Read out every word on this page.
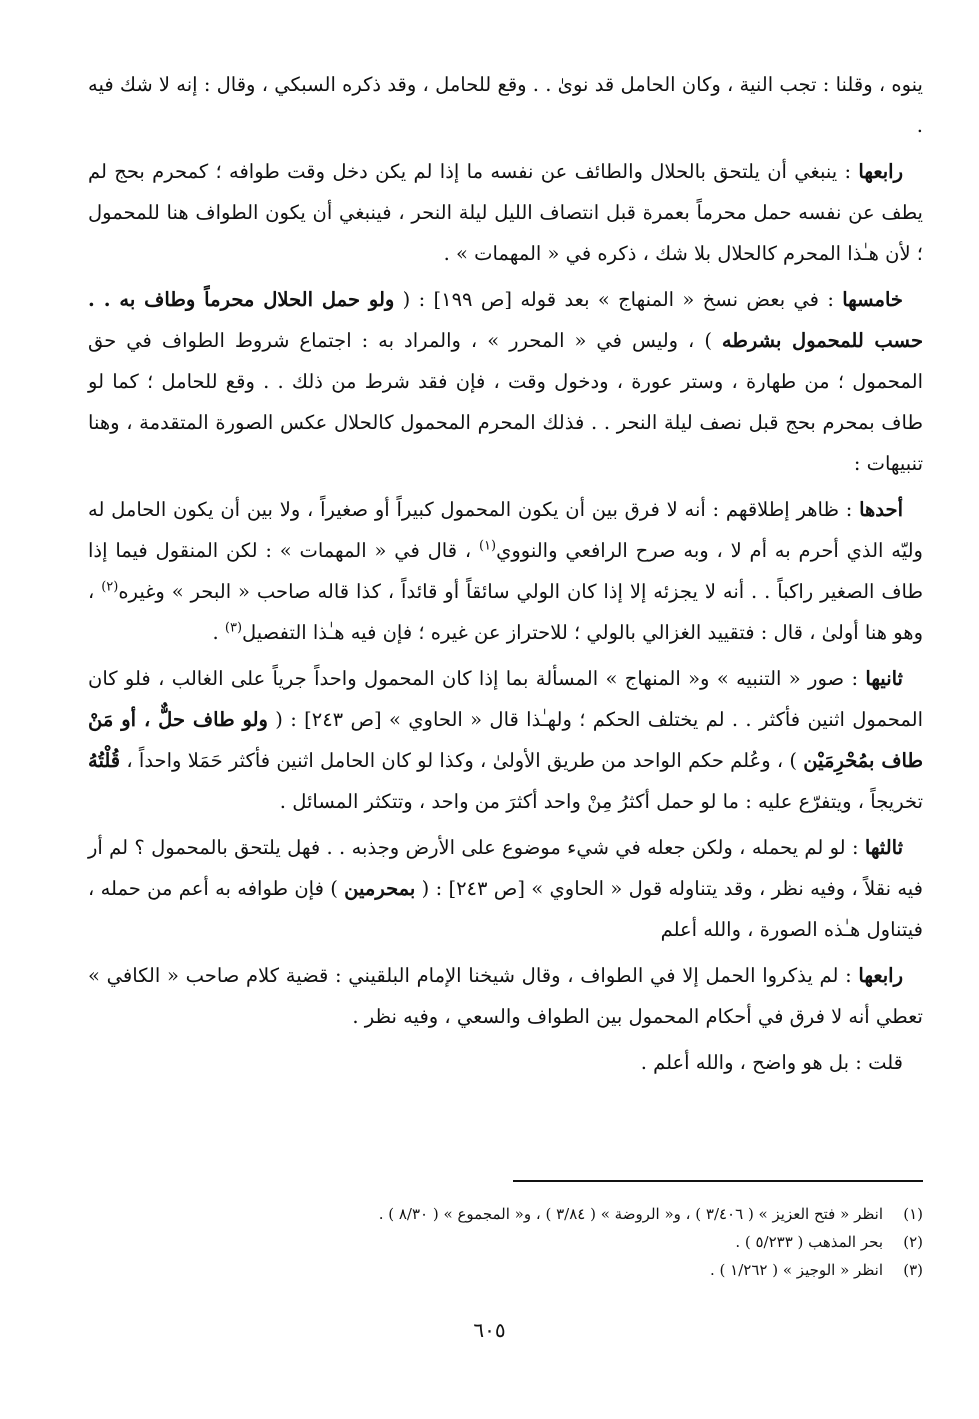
ينوه ، وقلنا : تجب النية ، وكان الحامل قد نوىٰ . . وقع للحامل ، وقد ذكره السبكي ، وقال : إنه لا شك فيه .

رابعها : ينبغي أن يلتحق بالحلال والطائف عن نفسه ما إذا لم يكن دخل وقت طوافه ؛ كمحرم بحج لم يطف عن نفسه حمل محرماً بعمرة قبل انتصاف الليل ليلة النحر ، فينبغي أن يكون الطواف هنا للمحمول ؛ لأن هـٰذا المحرم كالحلال بلا شك ، ذكره في « المهمات » .

خامسها : في بعض نسخ « المنهاج » بعد قوله [ص ١٩٩] : ( ولو حمل الحلال محرماً وطاف به . . حسب للمحمول بشرطه ) ، وليس في « المحرر » ، والمراد به : اجتماع شروط الطواف في حق المحمول ؛ من طهارة ، وستر عورة ، ودخول وقت ، فإن فقد شرط من ذلك . . وقع للحامل ؛ كما لو طاف بمحرم بحج قبل نصف ليلة النحر . . فذلك المحرم المحمول كالحلال عكس الصورة المتقدمة ، وهنا تنبيهات :

أحدها : ظاهر إطلاقهم : أنه لا فرق بين أن يكون المحمول كبيراً أو صغيراً ، ولا بين أن يكون الحامل له وليّه الذي أحرم به أم لا ، وبه صرح الرافعي والنووي$^{(١)}$ ، قال في « المهمات » : لكن المنقول فيما إذا طاف الصغير راكباً . . أنه لا يجزئه إلا إذا كان الولي سائقاً أو قائداً ، كذا قاله صاحب « البحر » وغيره$^{(٢)}$ ، وهو هنا أولىٰ ، قال : فتقييد الغزالي بالولي ؛ للاحتراز عن غيره ؛ فإن فيه هـٰذا التفصيل$^{(٣)}$ .

ثانيها : صور « التنبيه » و« المنهاج » المسألة بما إذا كان المحمول واحداً جرياً على الغالب ، فلو كان المحمول اثنين فأكثر . . لم يختلف الحكم ؛ ولهـٰذا قال « الحاوي » [ص ٢٤٣] : ( ولو طاف حلٌّ ، أو مَنْ طاف بمُحْرِمَيْن ) ، وعُلم حكم الواحد من طريق الأولىٰ ، وكذا لو كان الحامل اثنين فأكثر حَمَلا واحداً ، قُلْتُهُ تخريجاً ، ويتفرّع عليه : ما لو حمل أكثرُ مِنْ واحد أكثرَ من واحد ، وتتكثر المسائل .

ثالثها : لو لم يحمله ، ولكن جعله في شيء موضوع على الأرض وجذبه . . فهل يلتحق بالمحمول ؟ لم أر فيه نقلاً ، وفيه نظر ، وقد يتناوله قول « الحاوي » [ص ٢٤٣] : ( بمحرمين ) فإن طوافه به أعم من حمله ، فيتناول هـٰذه الصورة ، والله أعلم

رابعها : لم يذكروا الحمل إلا في الطواف ، وقال شيخنا الإمام البلقيني : قضية كلام صاحب « الكافي » تعطي أنه لا فرق في أحكام المحمول بين الطواف والسعي ، وفيه نظر .

قلت : بل هو واضح ، والله أعلم .

(١)انظر « فتح العزيز » ( ٣/٤٠٦ ) ، و« الروضة » ( ٣/٨٤ ) ، و« المجموع » ( ٨/٣٠ ) .
(٢)بحر المذهب ( ٥/٢٣٣ ) .
(٣)انظر « الوجيز » ( ١/٢٦٢ ) .
٦٠٥
